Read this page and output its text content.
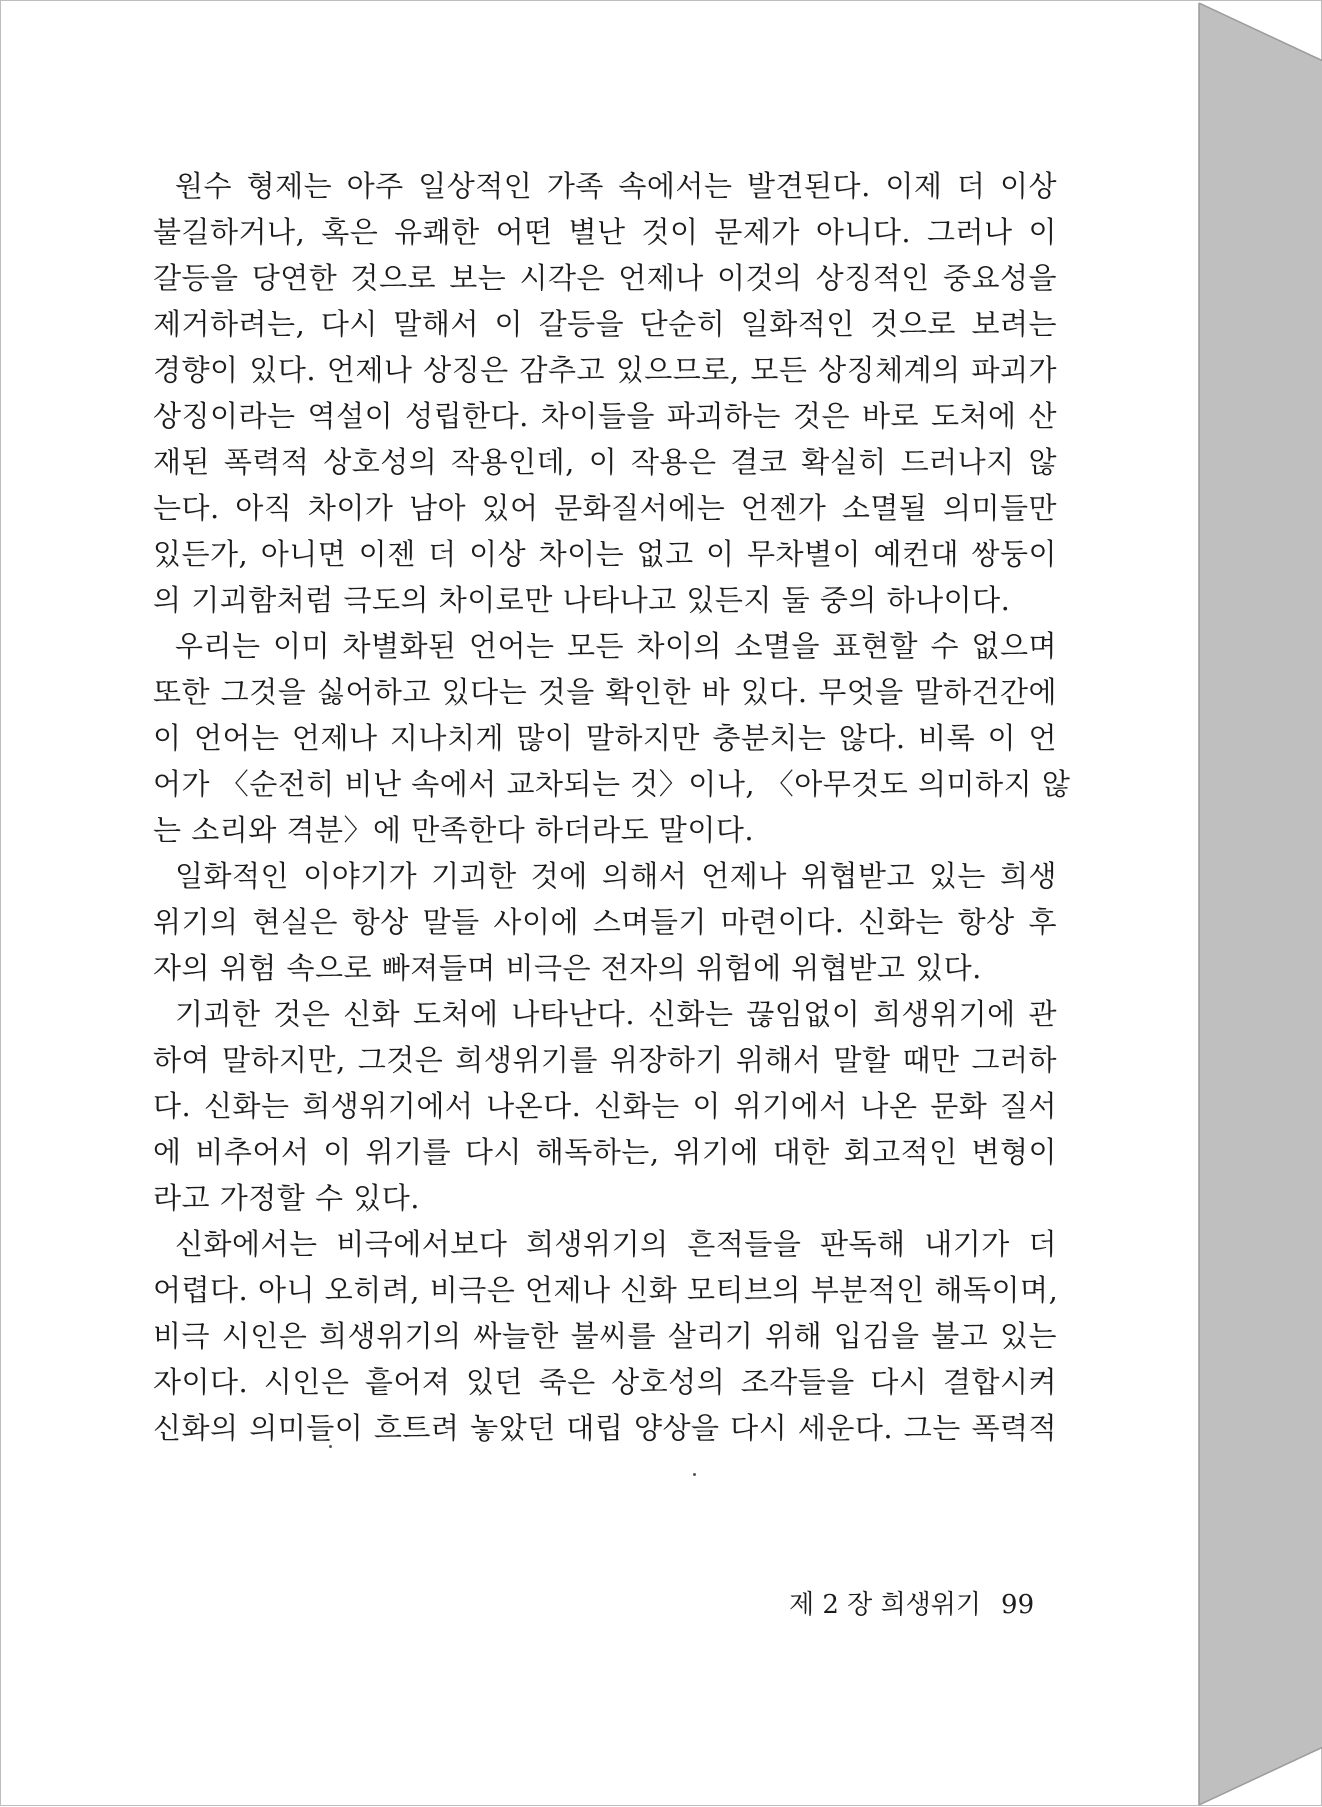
원수 형제는 아주 일상적인 가족 속에서는 발견된다. 이제 더 이상
불길하거나, 혹은 유쾌한 어떤 별난 것이 문제가 아니다. 그러나 이
갈등을 당연한 것으로 보는 시각은 언제나 이것의 상징적인 중요성을
제거하려는, 다시 말해서 이 갈등을 단순히 일화적인 것으로 보려는
경향이 있다. 언제나 상징은 감추고 있으므로, 모든 상징체계의 파괴가
상징이라는 역설이 성립한다. 차이들을 파괴하는 것은 바로 도처에 산
재된 폭력적 상호성의 작용인데, 이 작용은 결코 확실히 드러나지 않
는다. 아직 차이가 남아 있어 문화질서에는 언젠가 소멸될 의미들만
있든가, 아니면 이젠 더 이상 차이는 없고 이 무차별이 예컨대 쌍둥이
의 기괴함처럼 극도의 차이로만 나타나고 있든지 둘 중의 하나이다.
우리는 이미 차별화된 언어는 모든 차이의 소멸을 표현할 수 없으며
또한 그것을 싫어하고 있다는 것을 확인한 바 있다. 무엇을 말하건간에
이 언어는 언제나 지나치게 많이 말하지만 충분치는 않다. 비록 이 언
어가 〈순전히 비난 속에서 교차되는 것〉이나, 〈아무것도 의미하지 않
는 소리와 격분〉에 만족한다 하더라도 말이다.
일화적인 이야기가 기괴한 것에 의해서 언제나 위협받고 있는 희생
위기의 현실은 항상 말들 사이에 스며들기 마련이다. 신화는 항상 후
자의 위험 속으로 빠져들며 비극은 전자의 위험에 위협받고 있다.
기괴한 것은 신화 도처에 나타난다. 신화는 끊임없이 희생위기에 관
하여 말하지만, 그것은 희생위기를 위장하기 위해서 말할 때만 그러하
다. 신화는 희생위기에서 나온다. 신화는 이 위기에서 나온 문화 질서
에 비추어서 이 위기를 다시 해독하는, 위기에 대한 회고적인 변형이
라고 가정할 수 있다.
신화에서는 비극에서보다 희생위기의 흔적들을 판독해 내기가 더
어렵다. 아니 오히려, 비극은 언제나 신화 모티브의 부분적인 해독이며,
비극 시인은 희생위기의 싸늘한 불씨를 살리기 위해 입김을 불고 있는
자이다. 시인은 흩어져 있던 죽은 상호성의 조각들을 다시 결합시켜
신화의 의미들이 흐트려 놓았던 대립 양상을 다시 세운다. 그는 폭력적
제 2 장 희생위기 99
